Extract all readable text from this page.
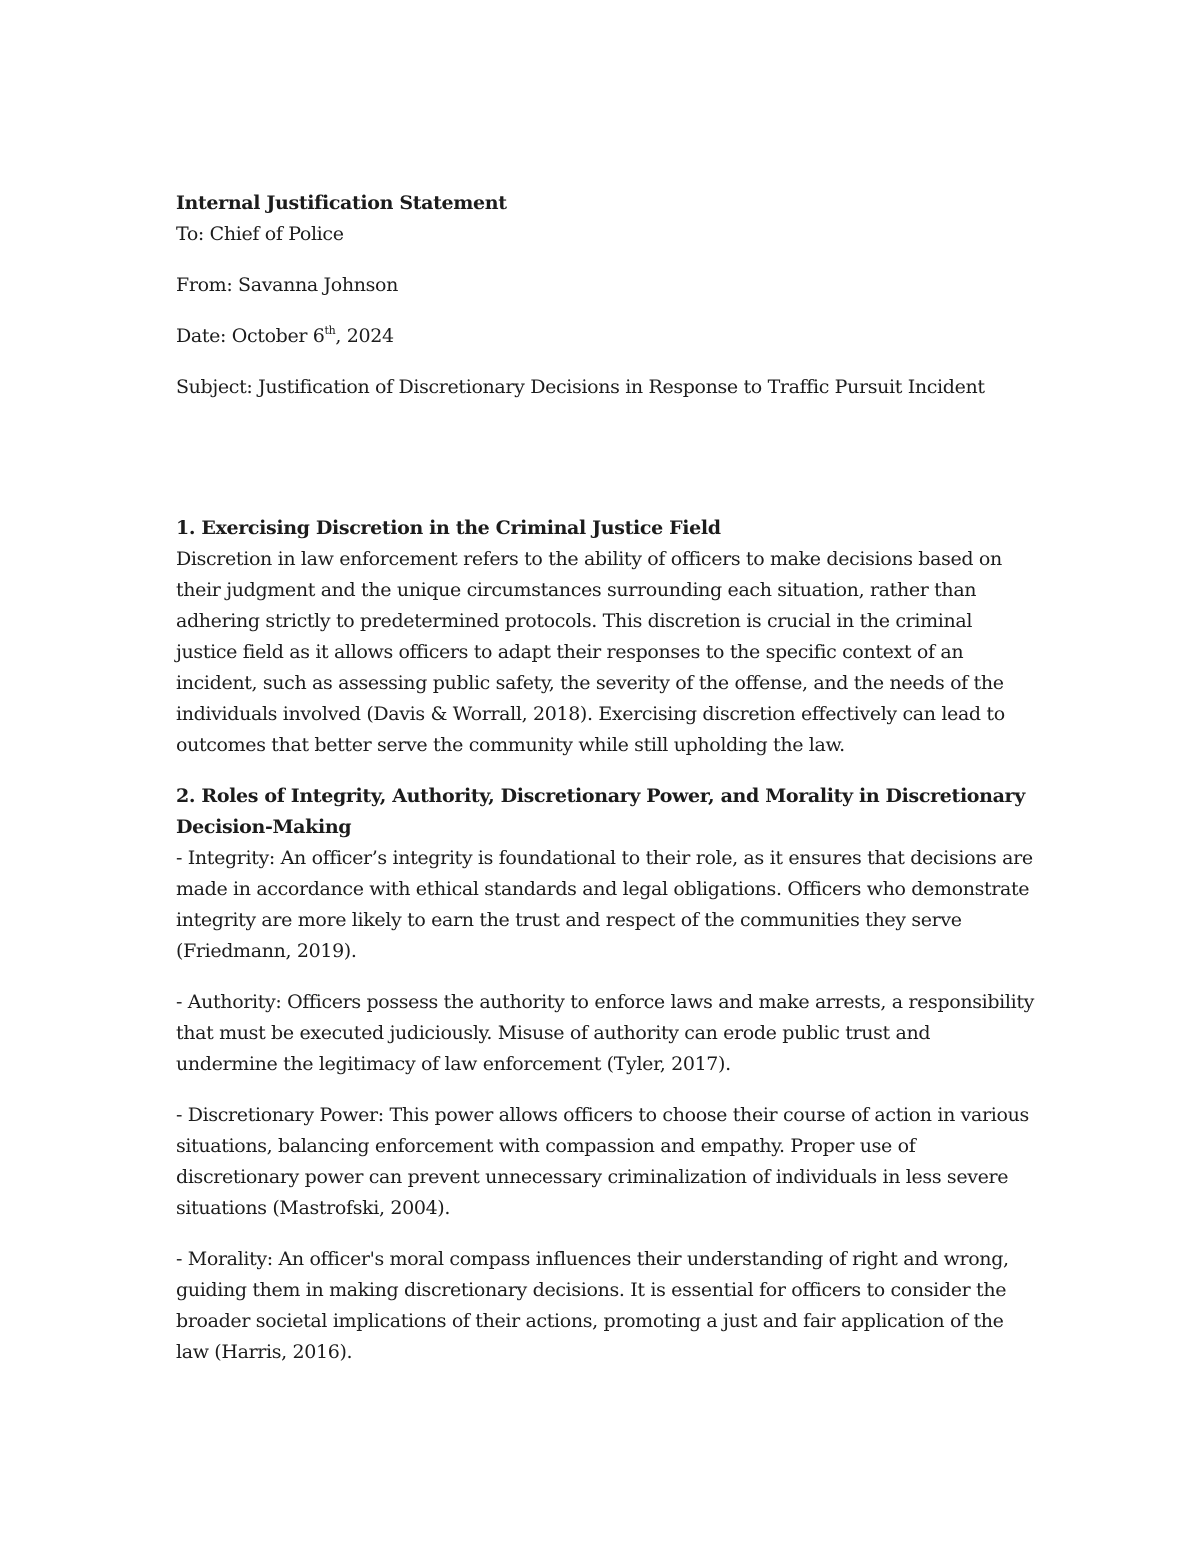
Internal Justification Statement

To: Chief of Police

From: Savanna Johnson

Date: October 6th, 2024

Subject: Justification of Discretionary Decisions in Response to Traffic Pursuit Incident

1. Exercising Discretion in the Criminal Justice Field

Discretion in law enforcement refers to the ability of officers to make decisions based on their judgment and the unique circumstances surrounding each situation, rather than adhering strictly to predetermined protocols. This discretion is crucial in the criminal justice field as it allows officers to adapt their responses to the specific context of an incident, such as assessing public safety, the severity of the offense, and the needs of the individuals involved (Davis & Worrall, 2018). Exercising discretion effectively can lead to outcomes that better serve the community while still upholding the law.

2. Roles of Integrity, Authority, Discretionary Power, and Morality in Discretionary Decision-Making

- Integrity: An officer’s integrity is foundational to their role, as it ensures that decisions are made in accordance with ethical standards and legal obligations. Officers who demonstrate integrity are more likely to earn the trust and respect of the communities they serve (Friedmann, 2019).

- Authority: Officers possess the authority to enforce laws and make arrests, a responsibility that must be executed judiciously. Misuse of authority can erode public trust and undermine the legitimacy of law enforcement (Tyler, 2017).

- Discretionary Power: This power allows officers to choose their course of action in various situations, balancing enforcement with compassion and empathy. Proper use of discretionary power can prevent unnecessary criminalization of individuals in less severe situations (Mastrofski, 2004).

- Morality: An officer's moral compass influences their understanding of right and wrong, guiding them in making discretionary decisions. It is essential for officers to consider the broader societal implications of their actions, promoting a just and fair application of the law (Harris, 2016).
